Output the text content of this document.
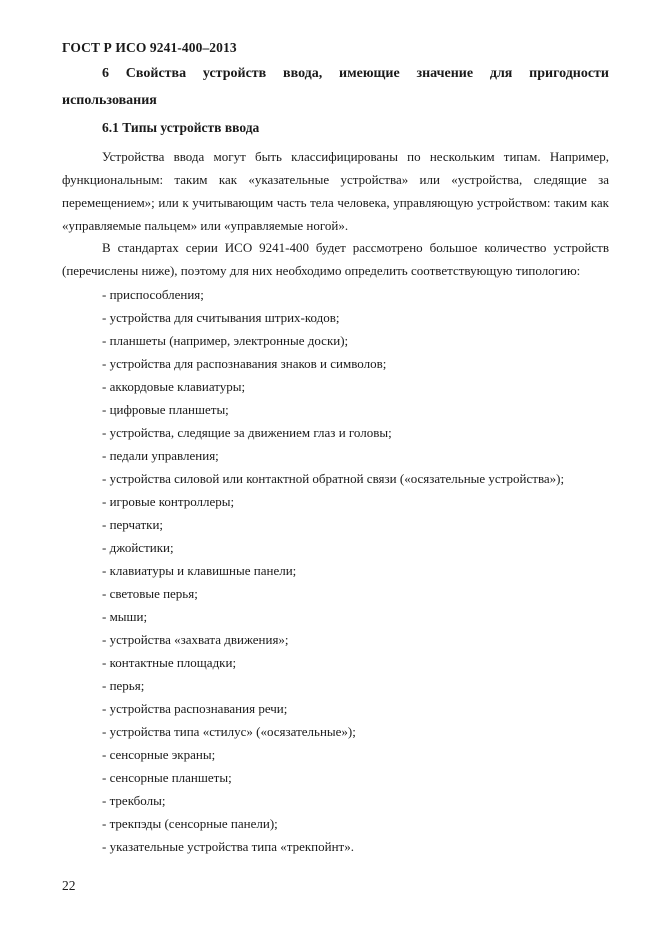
ГОСТ Р ИСО 9241-400–2013
6 Свойства устройств ввода, имеющие значение для пригодности использования
6.1 Типы устройств ввода
Устройства ввода могут быть классифицированы по нескольким типам. Например, функциональным: таким как «указательные устройства» или «устройства, следящие за перемещением»; или к учитывающим часть тела человека, управляющую устройством: таким как «управляемые пальцем» или «управляемые ногой».
В стандартах серии ИСО 9241-400 будет рассмотрено большое количество устройств (перечислены ниже), поэтому для них необходимо определить соответствующую типологию:
- приспособления;
- устройства для считывания штрих-кодов;
- планшеты (например, электронные доски);
- устройства для распознавания знаков и символов;
- аккордовые клавиатуры;
- цифровые планшеты;
- устройства, следящие за движением глаз и головы;
- педали управления;
- устройства силовой или контактной обратной связи («осязательные устройства»);
- игровые контроллеры;
- перчатки;
- джойстики;
- клавиатуры и клавишные панели;
- световые перья;
- мыши;
- устройства «захвата движения»;
- контактные площадки;
- перья;
- устройства распознавания речи;
- устройства типа «стилус» («осязательные»);
- сенсорные экраны;
- сенсорные планшеты;
- трекболы;
- трекпэды (сенсорные панели);
- указательные устройства типа «трекпойнт».
22
